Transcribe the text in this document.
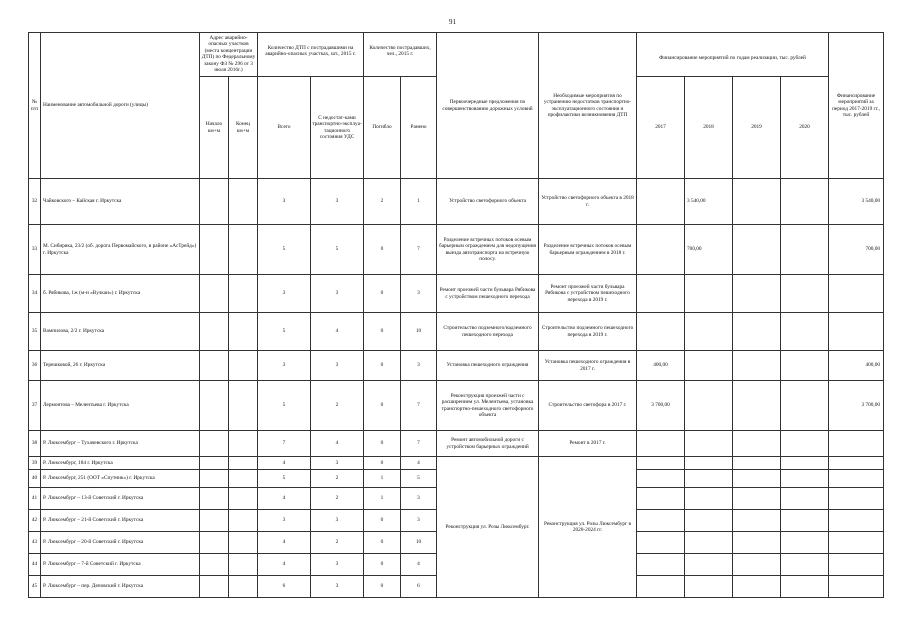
91
№ п/п	Наименование автомобильной дороги (улицы)	Адрес аварийно-опасных участков (места концентрации ДТП) по Федеральному закону ФЗ № 296 от 3 июля 2016г.)		Количество ДТП с пострадавшими на аварийно-опасных участках, шт., 2015 г.		Количество пострадавших, чел., 2015 г.		Первоочередные предложения по совершенствованию дорожных условий	Необходимые мероприятия по устранению недостатков транспортно-эксплуатационного состояния и профилактики возникновения ДТП	Финансирование мероприятий по годам реализации, тыс. рублей				Финансирование мероприятий за период 2017-2019 гг., тыс. рублей
		Начало км+м	Конец км+м	Всего	С недостат-ками транспортно-эксплуа-тационного состояния УДС	Погибло	Ранено			2017	2018	2019	2020	
32	Чайковского – Кайская г. Иркутска			3	3	2	1	Устройство светофорного объекта	Устройство светофорного объекта в 2018 г.		3 540,00			3 540,00
33	М. Сибиряка, 23/2 (об. дорога Первомайского, в районе «АсТрейд») г. Иркутска			5	5	0	7	Разделение встречных потоков осевым барьерным ограждением для недопущения выезда автотранспорта на встречную полосу.	Разделение встречных потоков осевым барьерным ограждением в 2018 г.		700,00			700,00
34	б. Рябикова, 1ж (м-н «Вулкан») г. Иркутска			3	3	0	3	Ремонт проезжей части бульвара Рябикова с устройством пешеходного перехода	Ремонт проезжей части бульвара Рябикова с устройством пешеходного перехода в 2019 г.					
35	Вампилова, 2/2 г. Иркутска			5	4	0	10	Строительство подземного/надземного пешеходного перехода	Строительство подземного пешеходного перехода в 2019 г.					
36	Терешковой, 26 г. Иркутска			3	3	0	3	Установка пешеходного ограждения	Установка пешеходного ограждения в 2017 г.	400,00				400,00
37	Лермонтова – Мелентьева г. Иркутска			5	2	0	7	Реконструкция проезжей части с расширением ул. Мелентьева, установка транспортно-пешеходного светофорного объекта	Строительство светофора в 2017 г.	3 700,00				3 700,00
38	Р. Люксембург – Тухачевского г. Иркутска			7	4	0	7	Ремонт автомобильной дороги с устройством барьерных ограждений	Ремонт в 2017 г.					
39	Р. Люксембург, 184 г. Иркутска			4	3	0	4	Реконструкция ул. Розы Люксембург.	Реконструкция ул. Розы Люксембург в 2020-2024 гг.					
40	Р. Люксембург, 251 (ООТ «Спутник») г. Иркутска			5	2	1	5							
41	Р. Люксембург – 13-й Советский г. Иркутска			4	2	1	3							
42	Р. Люксембург – 21-й Советский г. Иркутска			3	3	0	3							
43	Р. Люксембург – 20-й Советский г. Иркутска			4	2	0	10							
44	Р. Люксембург – 7-й Советский г. Иркутска			4	3	0	4							
45	Р. Люксембург – пер. Деповский г. Иркутска			6	3	0	6							
